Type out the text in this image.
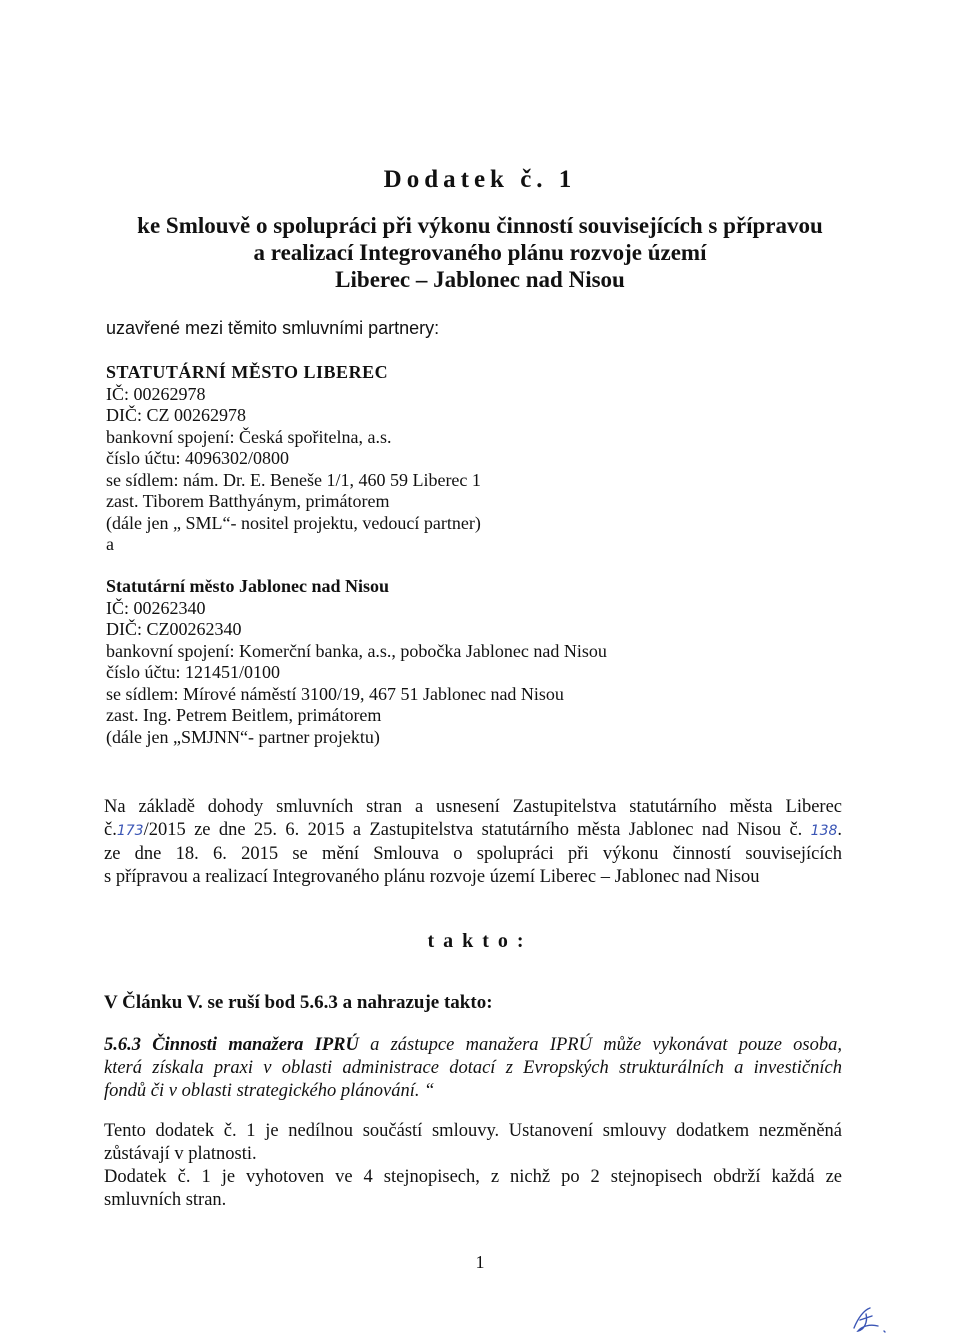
Dodatek č. 1
ke Smlouvě o spolupráci při výkonu činností souvisejících s přípravou
a realizací Integrovaného plánu rozvoje území
Liberec – Jablonec nad Nisou
uzavřené mezi těmito smluvními partnery:
STATUTÁRNÍ MĚSTO LIBEREC
IČ: 00262978
DIČ: CZ 00262978
bankovní spojení: Česká spořitelna, a.s.
číslo účtu: 4096302/0800
se sídlem: nám. Dr. E. Beneše 1/1, 460 59 Liberec 1
zast. Tiborem Batthyánym, primátorem
(dále jen „ SML“- nositel projektu, vedoucí partner)
a
Statutární město Jablonec nad Nisou
IČ: 00262340
DIČ: CZ00262340
bankovní spojení: Komerční banka, a.s., pobočka Jablonec nad Nisou
číslo účtu: 121451/0100
se sídlem: Mírové náměstí 3100/19, 467 51 Jablonec nad Nisou
zast. Ing. Petrem Beitlem, primátorem
(dále jen „SMJNN“- partner projektu)
Na základě dohody smluvních stran a usnesení Zastupitelstva statutárního města Liberec
č.173/2015 ze dne 25. 6. 2015 a Zastupitelstva statutárního města Jablonec nad Nisou č. 138.
ze dne 18. 6. 2015 se mění Smlouva o spolupráci při výkonu činností souvisejících
s přípravou a realizací Integrovaného plánu rozvoje území Liberec – Jablonec nad Nisou
takto:
V Článku V. se ruší bod 5.6.3 a nahrazuje takto:
5.6.3 Činnosti manažera IPRÚ a zástupce manažera IPRÚ může vykonávat pouze osoba,
která získala praxi v oblasti administrace dotací z Evropských strukturálních a investičních
fondů či v oblasti strategického plánování. “
Tento dodatek č. 1 je nedílnou součástí smlouvy. Ustanovení smlouvy dodatkem nezměněná
zůstávají v platnosti.
Dodatek č. 1 je vyhotoven ve 4 stejnopisech, z nichž po 2 stejnopisech obdrží každá ze
smluvních stran.
1
